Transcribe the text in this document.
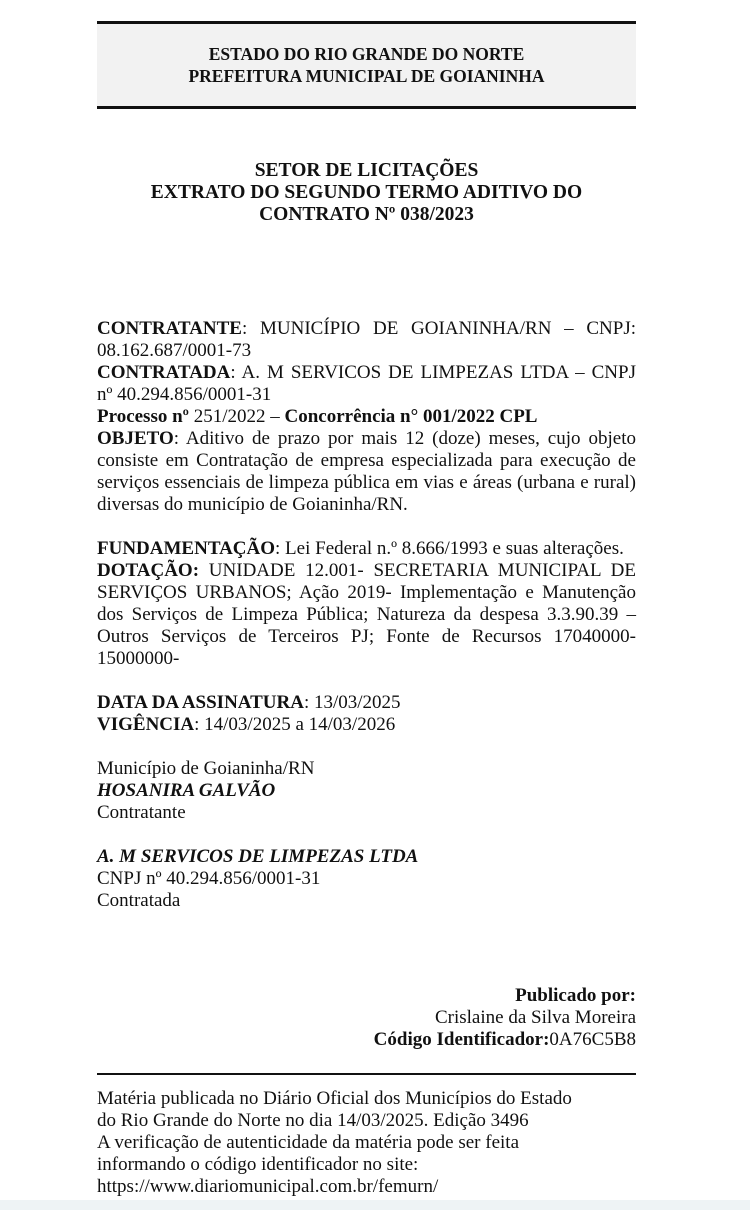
ESTADO DO RIO GRANDE DO NORTE
PREFEITURA MUNICIPAL DE GOIANINHA
SETOR DE LICITAÇÕES
EXTRATO DO SEGUNDO TERMO ADITIVO DO
CONTRATO Nº 038/2023

CONTRATANTE: MUNICÍPIO DE GOIANINHA/RN – CNPJ: 08.162.687/0001-73

CONTRATADA: A. M SERVICOS DE LIMPEZAS LTDA – CNPJ nº 40.294.856/0001-31

Processo nº 251/2022 – Concorrência n° 001/2022 CPL

OBJETO: Aditivo de prazo por mais 12 (doze) meses, cujo objeto consiste em Contratação de empresa especializada para execução de serviços essenciais de limpeza pública em vias e áreas (urbana e rural) diversas do município de Goianinha/RN.

FUNDAMENTAÇÃO: Lei Federal n.º 8.666/1993 e suas alterações.

DOTAÇÃO: UNIDADE 12.001- SECRETARIA MUNICIPAL DE SERVIÇOS URBANOS; Ação 2019- Implementação e Manutenção dos Serviços de Limpeza Pública; Natureza da despesa 3.3.90.39 – Outros Serviços de Terceiros PJ; Fonte de Recursos 17040000- 15000000-

DATA DA ASSINATURA: 13/03/2025

VIGÊNCIA: 14/03/2025 a 14/03/2026

Município de Goianinha/RN

HOSANIRA GALVÃO

Contratante

A. M SERVICOS DE LIMPEZAS LTDA

CNPJ nº 40.294.856/0001-31

Contratada

Publicado por:

Crislaine da Silva Moreira

Código Identificador:0A76C5B8

Matéria publicada no Diário Oficial dos Municípios do Estado

do Rio Grande do Norte no dia 14/03/2025. Edição 3496

A verificação de autenticidade da matéria pode ser feita

informando o código identificador no site:

https://www.diariomunicipal.com.br/femurn/
